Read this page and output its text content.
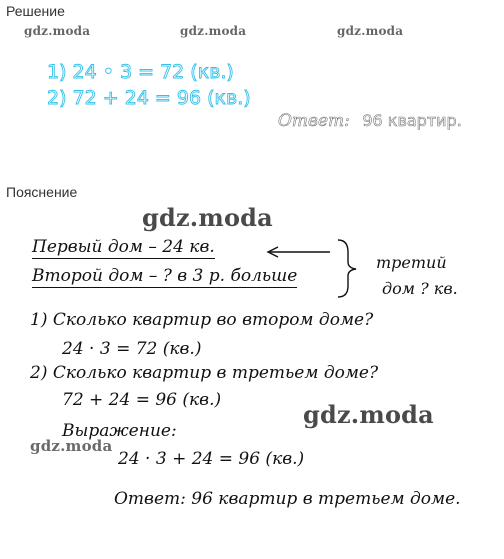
Решение
gdz.moda	gdz.moda	gdz.moda
1) 24 • 3 = 72 (кв.)
2) 72 + 24 = 96 (кв.)
Ответ: 96 квартир.
Пояснение
gdz.moda
Первый дом – 24 кв.
Второй дом – ? в 3 р. больше
третий
дом ? кв.
1) Сколько квартир во втором доме?
24 · 3 = 72 (кв.)
2) Сколько квартир в третьем доме?
72 + 24 = 96 (кв.)	gdz.moda
Выражение:
gdz.moda
24 · 3 + 24 = 96 (кв.)
Ответ: 96 квартир в третьем доме.
